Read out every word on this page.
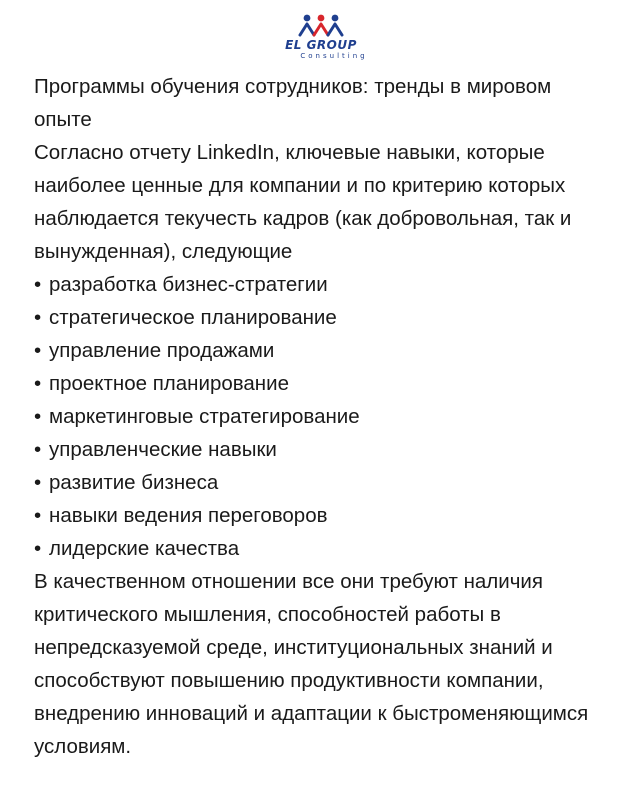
EL GROUP
Consulting

Программы обучения сотрудников: тренды в мировом опыте

Согласно отчету LinkedIn, ключевые навыки, которые наиболее ценные для компании и по критерию которых наблюдается текучесть кадров (как добровольная, так и вынужденная), следующие

• разработка бизнес-стратегии
• стратегическое планирование
• управление продажами
• проектное планирование
• маркетинговые стратегирование
• управленческие навыки
• развитие бизнеса
• навыки ведения переговоров
• лидерские качества

В качественном отношении все они требуют наличия критического мышления, способностей работы в непредсказуемой среде, институциональных знаний и способствуют повышению продуктивности компании, внедрению инноваций и адаптации к быстроменяющимся условиям.
